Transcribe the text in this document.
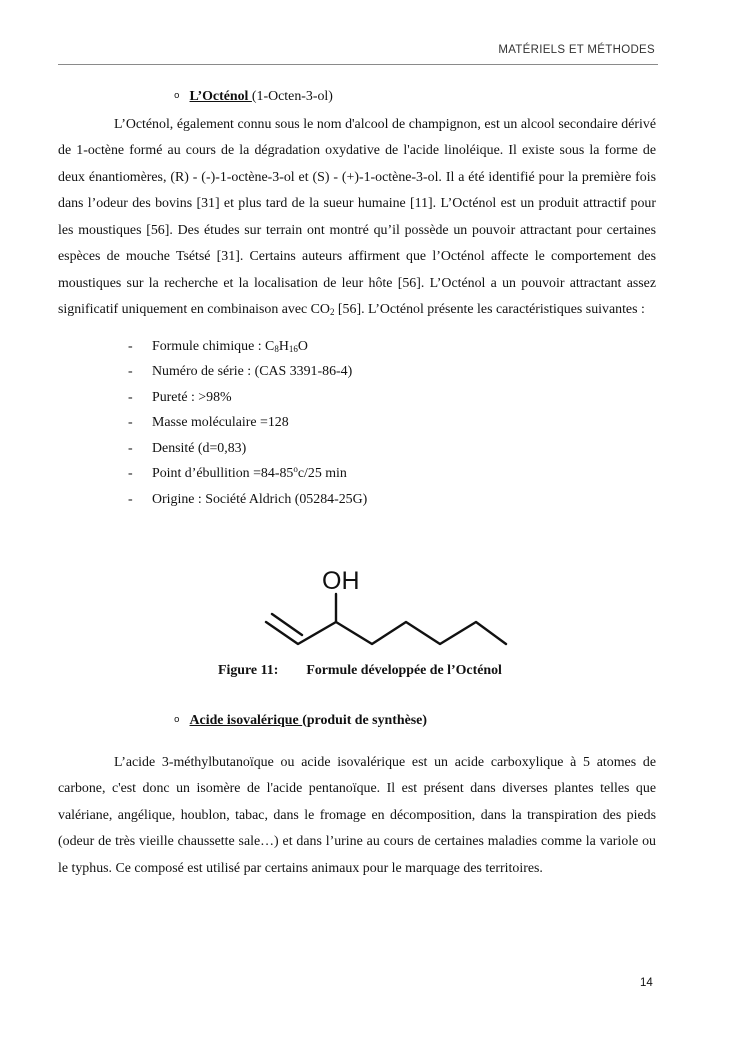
MATÉRIELS ET MÉTHODES
o L’Octénol (1-Octen-3-ol)

L’Octénol, également connu sous le nom d'alcool de champignon, est un alcool secondaire dérivé de 1-octène formé au cours de la dégradation oxydative de l'acide linoléique. Il existe sous la forme de deux énantiomères, (R) - (-)-1-octène-3-ol et (S) - (+)-1-octène-3-ol. Il a été identifié pour la première fois dans l’odeur des bovins [31] et plus tard de la sueur humaine [11]. L’Octénol est un produit attractif pour les moustiques [56]. Des études sur terrain ont montré qu’il possède un pouvoir attractant pour certaines espèces de mouche Tsétsé [31]. Certains auteurs affirment que l’Octénol affecte le comportement des moustiques sur la recherche et la localisation de leur hôte [56]. L’Octénol a un pouvoir attractant assez significatif uniquement en combinaison avec $CO_2$ [56]. L’Octénol présente les caractéristiques suivantes :

- Formule chimique : $C_8H_{16}O$
- Numéro de série : (CAS 3391-86-4)
- Pureté : >98%
- Masse moléculaire =128
- Densité (d=0,83)
- Point d’ébullition $=84-85^oc/25$ min
- Origine : Société Aldrich (05284-25G)
OH
Figure 11: Formule développée de l’Octénol
o Acide isovalérique (produit de synthèse)

L’acide 3-méthylbutanoïque ou acide isovalérique est un acide carboxylique à 5 atomes de carbone, c'est donc un isomère de l'acide pentanoïque. Il est présent dans diverses plantes telles que valériane, angélique, houblon, tabac, dans le fromage en décomposition, dans la transpiration des pieds (odeur de très vieille chaussette sale…) et dans l’urine au cours de certaines maladies comme la variole ou le typhus. Ce composé est utilisé par certains animaux pour le marquage des territoires.

14
